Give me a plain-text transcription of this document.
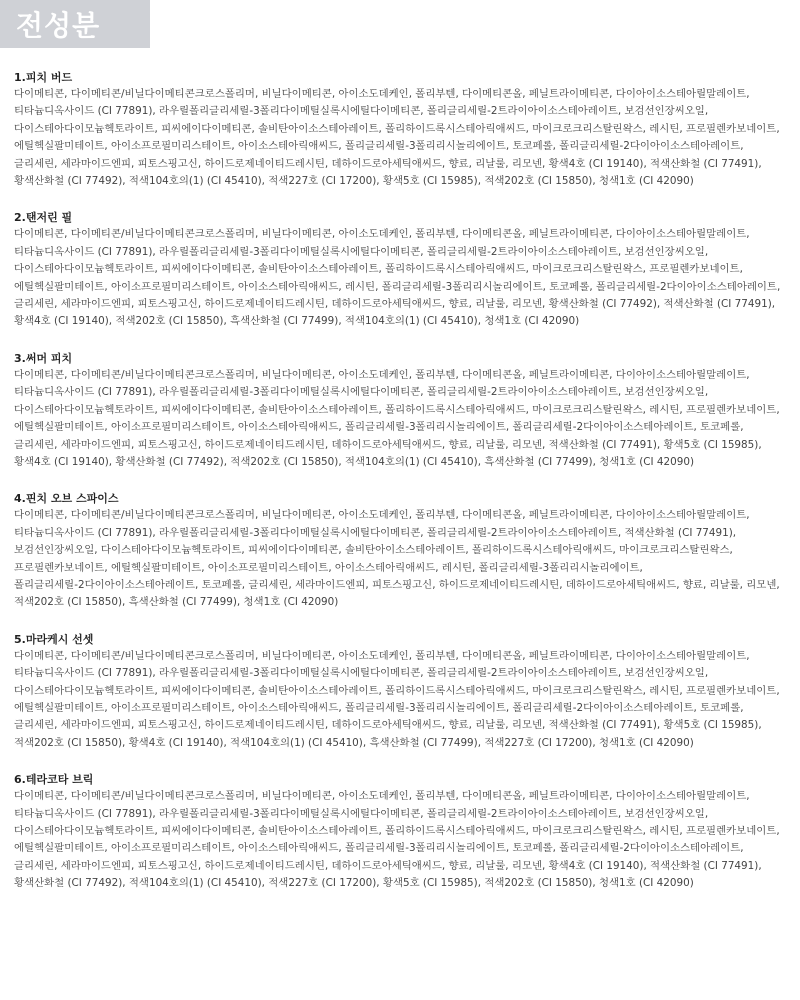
전성분

1.피치 버드

다이메티콘, 다이메티콘/비닐다이메티콘크로스폴리머, 비닐다이메티콘, 아이소도데케인, 폴리부텐, 다이메티콘올, 페닐트라이메티콘, 다이아이소스테아릴말레이트, 티타늄디옥사이드 (CI 77891), 라우릴폴리글리세릴-3폴리다이메틸실록시에틸다이메티콘, 폴리글리세릴-2트라이아이소스테아레이트, 보검선인장씨오일, 다이스테아다이모늄헥토라이트, 피씨에이다이메티콘, 솔비탄아이소스테아레이트, 폴리하이드록시스테아릭애씨드, 마이크로크리스탈린왁스, 레시틴, 프로필렌카보네이트, 에틸헥실팔미테이트, 아이소프로필미리스테이트, 아이소스테아릭애씨드, 폴리글리세릴-3폴리리시놀리에이트, 토코페롤, 폴리글리세릴-2다이아이소스테아레이트, 글리세린, 세라마이드엔피, 피토스핑고신, 하이드로제네이티드레시틴, 데하이드로아세틱애씨드, 향료, 리날룰, 리모넨, 황색4호 (CI 19140), 적색산화철 (CI 77491), 황색산화철 (CI 77492), 적색104호의(1) (CI 45410), 적색227호 (CI 17200), 황색5호 (CI 15985), 적색202호 (CI 15850), 청색1호 (CI 42090)

2.탠저린 필

다이메티콘, 다이메티콘/비닐다이메티콘크로스폴리머, 비닐다이메티콘, 아이소도데케인, 폴리부텐, 다이메티콘올, 페닐트라이메티콘, 다이아이소스테아릴말레이트, 티타늄디옥사이드 (CI 77891), 라우릴폴리글리세릴-3폴리다이메틸실록시에틸다이메티콘, 폴리글리세릴-2트라이아이소스테아레이트, 보검선인장씨오일, 다이스테아다이모늄헥토라이트, 피씨에이다이메티콘, 솔비탄아이소스테아레이트, 폴리하이드록시스테아릭애씨드, 마이크로크리스탈린왁스, 프로필렌카보네이트, 에틸헥실팔미테이트, 아이소프로필미리스테이트, 아이소스테아릭애씨드, 레시틴, 폴리글리세릴-3폴리리시놀리에이트, 토코페롤, 폴리글리세릴-2다이아이소스테아레이트, 글리세린, 세라마이드엔피, 피토스핑고신, 하이드로제네이티드레시틴, 데하이드로아세틱애씨드, 향료, 리날룰, 리모넨, 황색산화철 (CI 77492), 적색산화철 (CI 77491), 황색4호 (CI 19140), 적색202호 (CI 15850), 흑색산화철 (CI 77499), 적색104호의(1) (CI 45410), 청색1호 (CI 42090)

3.써머 피치

다이메티콘, 다이메티콘/비닐다이메티콘크로스폴리머, 비닐다이메티콘, 아이소도데케인, 폴리부텐, 다이메티콘올, 페닐트라이메티콘, 다이아이소스테아릴말레이트, 티타늄디옥사이드 (CI 77891), 라우릴폴리글리세릴-3폴리다이메틸실록시에틸다이메티콘, 폴리글리세릴-2트라이아이소스테아레이트, 보검선인장씨오일, 다이스테아다이모늄헥토라이트, 피씨에이다이메티콘, 솔비탄아이소스테아레이트, 폴리하이드록시스테아릭애씨드, 마이크로크리스탈린왁스, 레시틴, 프로필렌카보네이트, 에틸헥실팔미테이트, 아이소프로필미리스테이트, 아이소스테아릭애씨드, 폴리글리세릴-3폴리리시놀리에이트, 폴리글리세릴-2다이아이소스테아레이트, 토코페롤, 글리세린, 세라마이드엔피, 피토스핑고신, 하이드로제네이티드레시틴, 데하이드로아세틱애씨드, 향료, 리날룰, 리모넨, 적색산화철 (CI 77491), 황색5호 (CI 15985), 황색4호 (CI 19140), 황색산화철 (CI 77492), 적색202호 (CI 15850), 적색104호의(1) (CI 45410), 흑색산화철 (CI 77499), 청색1호 (CI 42090)

4.핀치 오브 스파이스

다이메티콘, 다이메티콘/비닐다이메티콘크로스폴리머, 비닐다이메티콘, 아이소도데케인, 폴리부텐, 다이메티콘올, 페닐트라이메티콘, 다이아이소스테아릴말레이트, 티타늄디옥사이드 (CI 77891), 라우릴폴리글리세릴-3폴리다이메틸실록시에틸다이메티콘, 폴리글리세릴-2트라이아이소스테아레이트, 적색산화철 (CI 77491), 보검선인장씨오일, 다이스테아다이모늄헥토라이트, 피씨에이다이메티콘, 솔비탄아이소스테아레이트, 폴리하이드록시스테아릭애씨드, 마이크로크리스탈린왁스, 프로필렌카보네이트, 에틸헥실팔미테이트, 아이소프로필미리스테이트, 아이소스테아릭애씨드, 레시틴, 폴리글리세릴-3폴리리시놀리에이트, 폴리글리세릴-2다이아이소스테아레이트, 토코페롤, 글리세린, 세라마이드엔피, 피토스핑고신, 하이드로제네이티드레시틴, 데하이드로아세틱애씨드, 향료, 리날룰, 리모넨, 적색202호 (CI 15850), 흑색산화철 (CI 77499), 청색1호 (CI 42090)

5.마라케시 선셋

다이메티콘, 다이메티콘/비닐다이메티콘크로스폴리머, 비닐다이메티콘, 아이소도데케인, 폴리부텐, 다이메티콘올, 페닐트라이메티콘, 다이아이소스테아릴말레이트, 티타늄디옥사이드 (CI 77891), 라우릴폴리글리세릴-3폴리다이메틸실록시에틸다이메티콘, 폴리글리세릴-2트라이아이소스테아레이트, 보검선인장씨오일, 다이스테아다이모늄헥토라이트, 피씨에이다이메티콘, 솔비탄아이소스테아레이트, 폴리하이드록시스테아릭애씨드, 마이크로크리스탈린왁스, 레시틴, 프로필렌카보네이트, 에틸헥실팔미테이트, 아이소프로필미리스테이트, 아이소스테아릭애씨드, 폴리글리세릴-3폴리리시놀리에이트, 폴리글리세릴-2다이아이소스테아레이트, 토코페롤, 글리세린, 세라마이드엔피, 피토스핑고신, 하이드로제네이티드레시틴, 데하이드로아세틱애씨드, 향료, 리날룰, 리모넨, 적색산화철 (CI 77491), 황색5호 (CI 15985), 적색202호 (CI 15850), 황색4호 (CI 19140), 적색104호의(1) (CI 45410), 흑색산화철 (CI 77499), 적색227호 (CI 17200), 청색1호 (CI 42090)

6.테라코타 브릭

다이메티콘, 다이메티콘/비닐다이메티콘크로스폴리머, 비닐다이메티콘, 아이소도데케인, 폴리부텐, 다이메티콘올, 페닐트라이메티콘, 다이아이소스테아릴말레이트, 티타늄디옥사이드 (CI 77891), 라우릴폴리글리세릴-3폴리다이메틸실록시에틸다이메티콘, 폴리글리세릴-2트라이아이소스테아레이트, 보검선인장씨오일, 다이스테아다이모늄헥토라이트, 피씨에이다이메티콘, 솔비탄아이소스테아레이트, 폴리하이드록시스테아릭애씨드, 마이크로크리스탈린왁스, 레시틴, 프로필렌카보네이트, 에틸헥실팔미테이트, 아이소프로필미리스테이트, 아이소스테아릭애씨드, 폴리글리세릴-3폴리리시놀리에이트, 토코페롤, 폴리글리세릴-2다이아이소스테아레이트, 글리세린, 세라마이드엔피, 피토스핑고신, 하이드로제네이티드레시틴, 데하이드로아세틱애씨드, 향료, 리날룰, 리모넨, 황색4호 (CI 19140), 적색산화철 (CI 77491), 황색산화철 (CI 77492), 적색104호의(1) (CI 45410), 적색227호 (CI 17200), 황색5호 (CI 15985), 적색202호 (CI 15850), 청색1호 (CI 42090)
